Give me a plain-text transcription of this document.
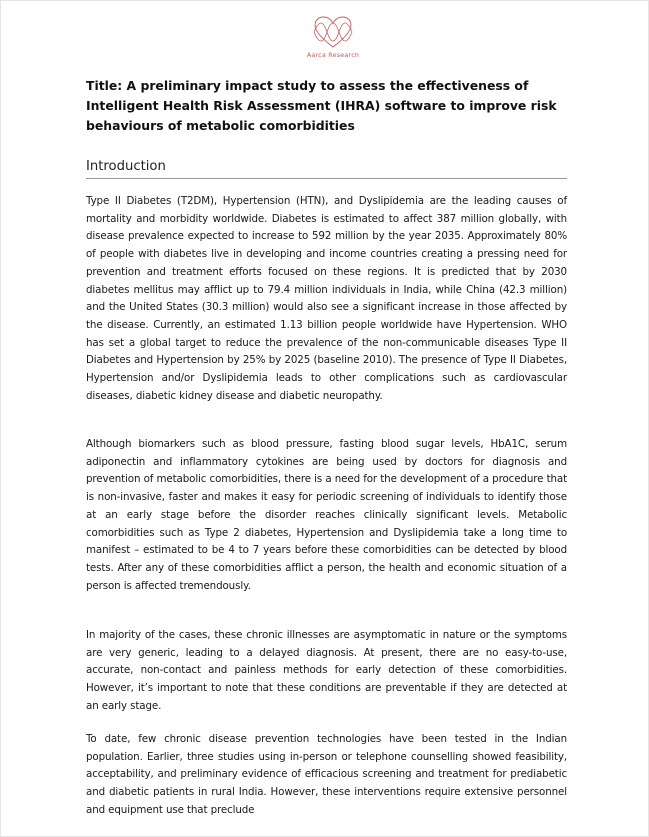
Aarca Research
Title: A preliminary impact study to assess the effectiveness of Intelligent Health Risk Assessment (IHRA) software to improve risk behaviours of metabolic comorbidities
Introduction

Type II Diabetes (T2DM), Hypertension (HTN), and Dyslipidemia are the leading causes of mortality and morbidity worldwide. Diabetes is estimated to affect 387 million globally, with disease prevalence expected to increase to 592 million by the year 2035. Approximately 80% of people with diabetes live in developing and income countries creating a pressing need for prevention and treatment efforts focused on these regions. It is predicted that by 2030 diabetes mellitus may afflict up to 79.4 million individuals in India, while China (42.3 million) and the United States (30.3 million) would also see a significant increase in those affected by the disease. Currently, an estimated 1.13 billion people worldwide have Hypertension. WHO has set a global target to reduce the prevalence of the non-communicable diseases Type II Diabetes and Hypertension by 25% by 2025 (baseline 2010). The presence of Type II Diabetes, Hypertension and/or Dyslipidemia leads to other complications such as cardiovascular diseases, diabetic kidney disease and diabetic neuropathy.

Although biomarkers such as blood pressure, fasting blood sugar levels, HbA1C, serum adiponectin and inflammatory cytokines are being used by doctors for diagnosis and prevention of metabolic comorbidities, there is a need for the development of a procedure that is non-invasive, faster and makes it easy for periodic screening of individuals to identify those at an early stage before the disorder reaches clinically significant levels. Metabolic comorbidities such as Type 2 diabetes, Hypertension and Dyslipidemia take a long time to manifest – estimated to be 4 to 7 years before these comorbidities can be detected by blood tests. After any of these comorbidities afflict a person, the health and economic situation of a person is affected tremendously.

In majority of the cases, these chronic illnesses are asymptomatic in nature or the symptoms are very generic, leading to a delayed diagnosis. At present, there are no easy-to-use, accurate, non-contact and painless methods for early detection of these comorbidities. However, it’s important to note that these conditions are preventable if they are detected at an early stage.

To date, few chronic disease prevention technologies have been tested in the Indian population. Earlier, three studies using in-person or telephone counselling showed feasibility, acceptability, and preliminary evidence of efficacious screening and treatment for prediabetic and diabetic patients in rural India. However, these interventions require extensive personnel and equipment use that preclude
